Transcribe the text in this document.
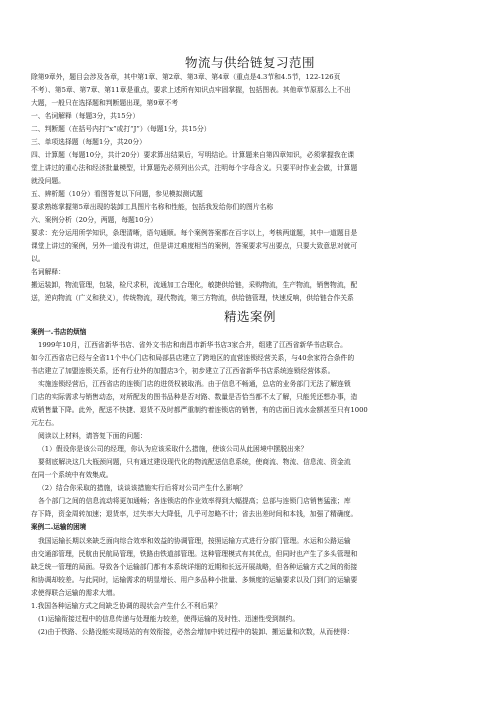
物流与供给链复习范围
除第9章外，题目会涉及各章，其中第1章、第2章、第3章、第4章（重点是4.3节和4.5节，122-126页
不考）、第5章、第7章、第11章是重点，要求上述所有知识点牢固掌握，包括图表。其他章节原那么上不出
大题，一般只在选择题和判断题出现，第9章不考
一、名词解释（每题3分，共15分）
二、判断题（在括号内打“x”或打“J”）（每题1分，共15分）
三、单项选择题（每题1分，共20分）
四、计算题（每题10分，共计20分）要求算出结果后，写明结论。计算题来自第四章知识，必须掌握我在课
堂上讲过的重心法和经济批量模型，计算题先必须列出公式，注明每个字母含义。只要平时作业会做，计算题
就没问题。
五、辨析题（10分）看图答复以下问题，参见模拟测试题
要求熟练掌握第5章出现的装卸工具图片名称和性能，包括我发给你们的图片名称
六、案例分析（20分，两题，每题10分）
要求：充分运用所学知识，条理清晰，语句通顺。每个案例答案都在百字以上，考核两道题，其中一道题目是
课堂上讲过的案例，另外一道没有讲过，但是讲过难度相当的案例，答案要求写出要点，只要大致意思对就可
以。
名词解释：
搬运装卸，物流管理，包装，检尺求积，流通加工合理化，敏捷供给链，采购物流，生产物流，销售物流，配
送，逆向物流（广义和狭义），传统物流，现代物流，第三方物流，供给链管理，快速反响，供给链合作关系
精选案例
案例一.书店的烦恼
1999年10月，江西省新华书店、省外文书店和南昌市新华书店3家合并，组建了江西省新华书店联合。
如今江西省店已经与全省11个中心门店和局部县店建立了跨地区的直营连锁经营关系，与40余家符合条件的
书店建立了加盟连锁关系，还有行业外的加盟店3个，初步建立了江西省新华书店系统连锁经营体系。
实施连锁经营后，江西省店的连锁门店的进货权被取消。由于信息不畅通，总店的业务部门无法了解连锁
门店的实际需求与销售动态，对所配发的图书品种是否对路、数量是否恰当都不太了解，只能凭还想办事，造
成销售量下降。此外，配送不快捷、退货不及时都严重制约着连锁店的销售，有的店面日流水金额甚至只有1000
元左右。
阅读以上材料，请答复下面的问题：
（1）假设你是该公司的经理，你认为应该采取什么措施，使该公司从此困境中摆脱出来？
要彻底解决这几大瓶颈问题，只有通过建设现代化的物流配送信息系统，使商流、物流、信息流、资金流
在同一个系统中有效集成。
（2）结合你采取的措施，谈谈该措施实行后将对公司产生什么影响？
各个部门之间的信息流动将更加通畅；各连锁店的作业效率得到大幅提高；总部与连锁门店销售猛涨；库
存下降，资金周转加速；退货率，过失率大大降低，几乎可忽略不计；省去出差时间和本钱，加强了精确度。
案例二.运输的困境
我国运输长期以来缺乏面向综合效率和效益的协调管理，按照运输方式进行分部门管理。水运和公路运输
由交通部管理，民航由民航局管理，铁路由铁道部管理。这种管理模式有其优点，但同时也产生了多头管理和
缺乏统一管理的局面。导致各个运输部门都有本系统详细的近期和长远开展战略，但各种运输方式之间的衔接
和协调却较差。与此同时，运输需求的明显增长、用户多品种小批量、多频度的运输要求以及门到门的运输要
求使得联合运输的需求大增。
1.我国各种运输方式之间缺乏协调的现状会产生什么不利后果？
(1)运输衔接过程中的信息传递与处理能力较差，使得运输的及时性、迅速性受到制约。
(2)由于铁路、公路没能实现场站的有效衔接，必然会增加中转过程中的装卸、搬运量和次数，从而使得：
